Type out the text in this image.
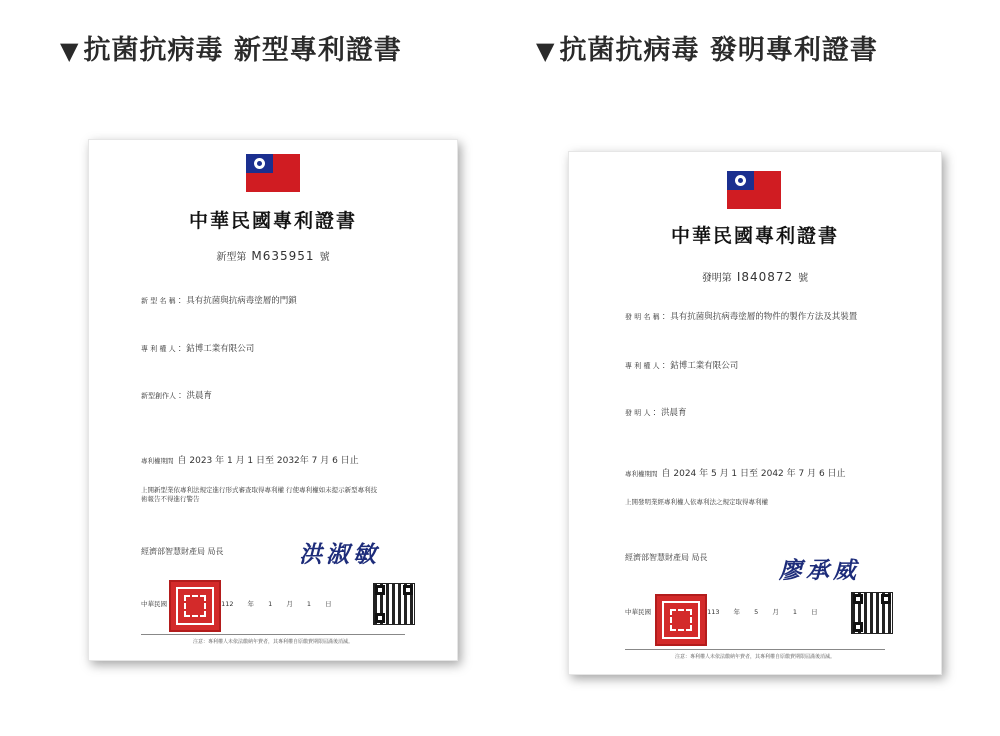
▼ 抗菌抗病毒 新型專利證書	▼ 抗菌抗病毒 發明專利證書
中華民國專利證書
新型第 M635951 號
新 型 名 稱 ：具有抗菌與抗病毒塗層的門鎖
專 利 權 人 ：鈷博工業有限公司
新型創作人 ：洪晨育
專利權期間 自 2023 年 1 月 1 日至 2032年 7 月 6 日止
上開新型業依專利法規定進行形式審查取得專利權 行使專利權如未提示新型專利技術報告不得進行警告
經濟部智慧財產局 局長	洪淑敏
中華民國	112 年 1 月 1 日
注意：專利權人未依法繳納年費者，其專利權自原繳費期限屆滿後消滅。
中華民國專利證書
發明第 I840872 號
發 明 名 稱 ：具有抗菌與抗病毒塗層的物件的製作方法及其裝置
專 利 權 人 ：鈷博工業有限公司
發 明 人 ：洪晨育
專利權期間 自 2024 年 5 月 1 日至 2042 年 7 月 6 日止
上開發明業經專利權人依專利法之規定取得專利權
經濟部智慧財產局 局長	廖承威
中華民國	113 年 5 月 1 日
注意：專利權人未依法繳納年費者，其專利權自原繳費期限屆滿後消滅。
